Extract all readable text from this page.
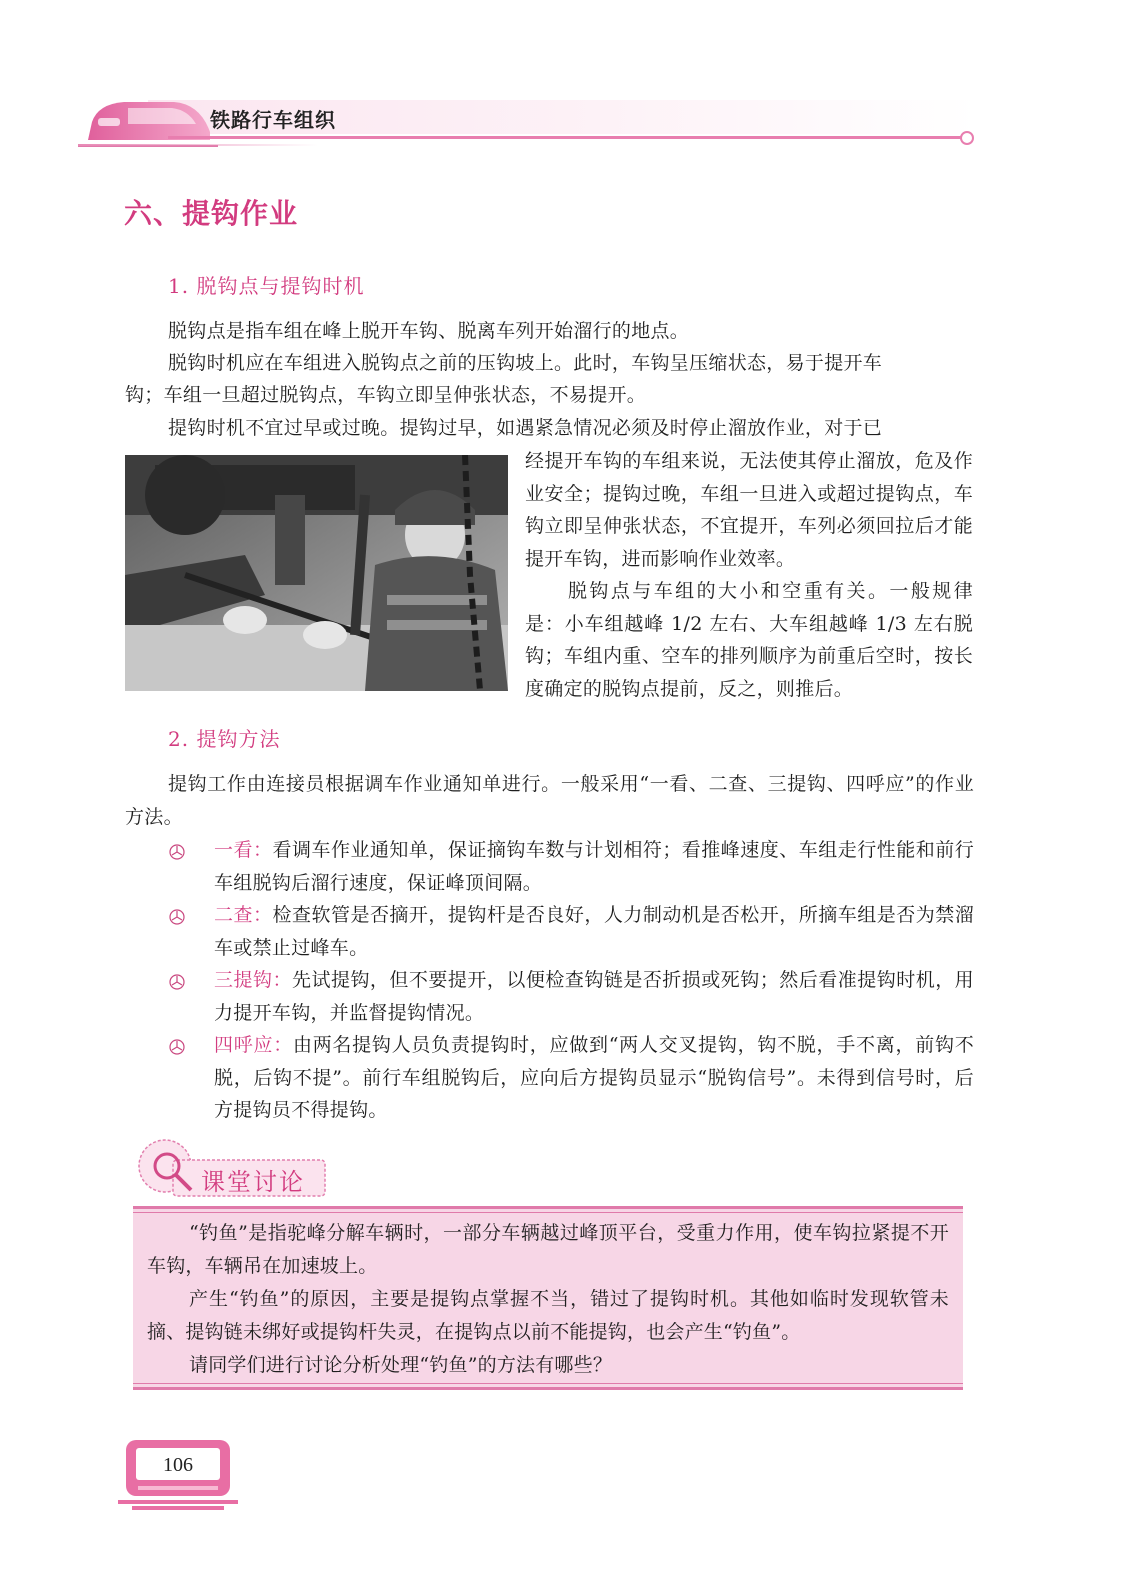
铁路行车组织
六、提钩作业
1. 脱钩点与提钩时机
脱钩点是指车组在峰上脱开车钩、脱离车列开始溜行的地点。
脱钩时机应在车组进入脱钩点之前的压钩坡上。此时，车钩呈压缩状态，易于提开车
钩；车组一旦超过脱钩点，车钩立即呈伸张状态，不易提开。
提钩时机不宜过早或过晚。提钩过早，如遇紧急情况必须及时停止溜放作业，对于已
经提开车钩的车组来说，无法使其停止溜放，危及作业安全；提钩过晚，车组一旦进入或超过提钩点，车钩立即呈伸张状态，不宜提开，车列必须回拉后才能提开车钩，进而影响作业效率。
脱钩点与车组的大小和空重有关。一般规律是：小车组越峰 1/2 左右、大车组越峰 1/3 左右脱钩；车组内重、空车的排列顺序为前重后空时，按长度确定的脱钩点提前，反之，则推后。
2. 提钩方法
提钩工作由连接员根据调车作业通知单进行。一般采用“一看、二查、三提钩、四呼应”的作业方法。
一看：看调车作业通知单，保证摘钩车数与计划相符；看推峰速度、车组走行性能和前行车组脱钩后溜行速度，保证峰顶间隔。
二查：检查软管是否摘开，提钩杆是否良好，人力制动机是否松开，所摘车组是否为禁溜车或禁止过峰车。
三提钩：先试提钩，但不要提开，以便检查钩链是否折损或死钩；然后看准提钩时机，用力提开车钩，并监督提钩情况。
四呼应：由两名提钩人员负责提钩时，应做到“两人交叉提钩，钩不脱，手不离，前钩不脱，后钩不提”。前行车组脱钩后，应向后方提钩员显示“脱钩信号”。未得到信号时，后方提钩员不得提钩。
课堂讨论
“钓鱼”是指驼峰分解车辆时，一部分车辆越过峰顶平台，受重力作用，使车钩拉紧提不开车钩，车辆吊在加速坡上。
产生“钓鱼”的原因，主要是提钩点掌握不当，错过了提钩时机。其他如临时发现软管未摘、提钩链未绑好或提钩杆失灵，在提钩点以前不能提钩，也会产生“钓鱼”。
请同学们进行讨论分析处理“钓鱼”的方法有哪些？
106
